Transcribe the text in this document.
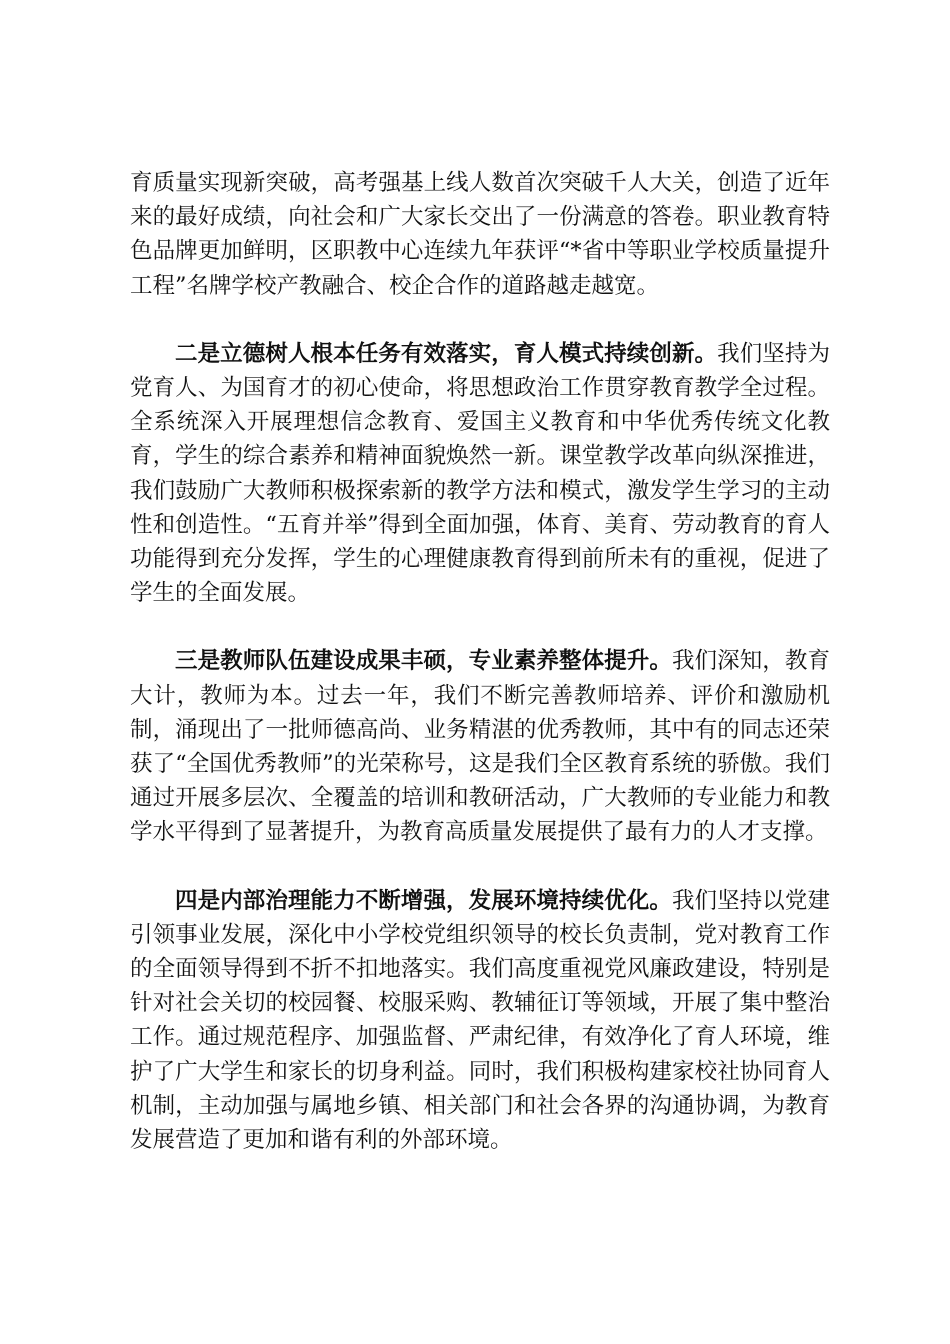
育质量实现新突破，高考强基上线人数首次突破千人大关，创造了近年来的最好成绩，向社会和广大家长交出了一份满意的答卷。职业教育特色品牌更加鲜明，区职教中心连续九年获评“*省中等职业学校质量提升工程”名牌学校产教融合、校企合作的道路越走越宽。

二是立德树人根本任务有效落实，育人模式持续创新。我们坚持为党育人、为国育才的初心使命，将思想政治工作贯穿教育教学全过程。全系统深入开展理想信念教育、爱国主义教育和中华优秀传统文化教育，学生的综合素养和精神面貌焕然一新。课堂教学改革向纵深推进，我们鼓励广大教师积极探索新的教学方法和模式，激发学生学习的主动性和创造性。“五育并举”得到全面加强，体育、美育、劳动教育的育人功能得到充分发挥，学生的心理健康教育得到前所未有的重视，促进了学生的全面发展。

三是教师队伍建设成果丰硕，专业素养整体提升。我们深知，教育大计，教师为本。过去一年，我们不断完善教师培养、评价和激励机制，涌现出了一批师德高尚、业务精湛的优秀教师，其中有的同志还荣获了“全国优秀教师”的光荣称号，这是我们全区教育系统的骄傲。我们通过开展多层次、全覆盖的培训和教研活动，广大教师的专业能力和教学水平得到了显著提升，为教育高质量发展提供了最有力的人才支撑。

四是内部治理能力不断增强，发展环境持续优化。我们坚持以党建引领事业发展，深化中小学校党组织领导的校长负责制，党对教育工作的全面领导得到不折不扣地落实。我们高度重视党风廉政建设，特别是针对社会关切的校园餐、校服采购、教辅征订等领域，开展了集中整治工作。通过规范程序、加强监督、严肃纪律，有效净化了育人环境，维护了广大学生和家长的切身利益。同时，我们积极构建家校社协同育人机制，主动加强与属地乡镇、相关部门和社会各界的沟通协调，为教育发展营造了更加和谐有利的外部环境。
